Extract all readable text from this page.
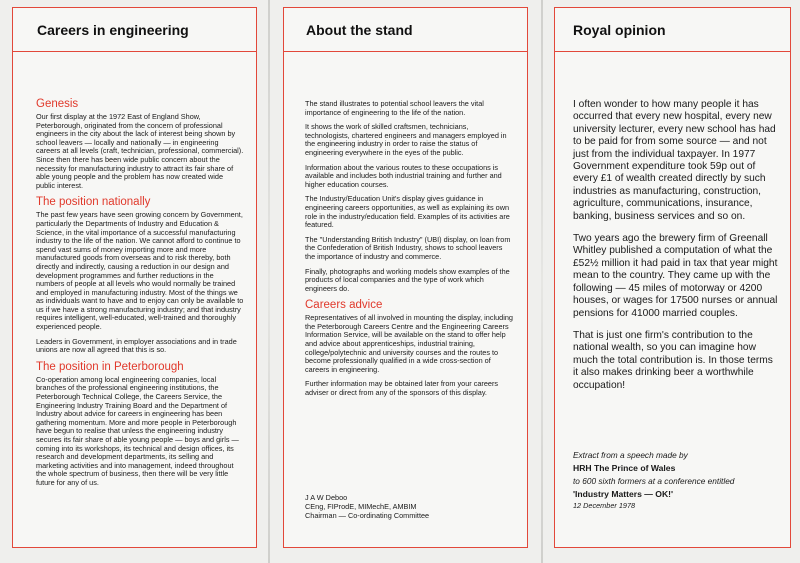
Careers in engineering
Genesis

Our first display at the 1972 East of England Show, Peterborough, originated from the concern of professional engineers in the city about the lack of interest being shown by school leavers — locally and nationally — in engineering careers at all levels (craft, technician, professional, commercial). Since then there has been wide public concern about the necessity for manufacturing industry to attract its fair share of able young people and the problem has now created wide public interest.

The position nationally

The past few years have seen growing concern by Government, particularly the Departments of Industry and Education & Science, in the vital importance of a successful manufacturing industry to the life of the nation. We cannot afford to continue to spend vast sums of money importing more and more manufactured goods from overseas and to risk thereby, both directly and indirectly, causing a reduction in our design and development programmes and further reductions in the numbers of people at all levels who would normally be trained and employed in manufacturing industry. Most of the things we as individuals want to have and to enjoy can only be available to us if we have a strong manufacturing industry; and that industry requires intelligent, well-educated, well-trained and thoroughly experienced people.

Leaders in Government, in employer associations and in trade unions are now all agreed that this is so.

The position in Peterborough

Co-operation among local engineering companies, local branches of the professional engineering institutions, the Peterborough Technical College, the Careers Service, the Engineering Industry Training Board and the Department of Industry about advice for careers in engineering has been gathering momentum. More and more people in Peterborough have begun to realise that unless the engineering industry secures its fair share of able young people — boys and girls — coming into its workshops, its technical and design offices, its research and development departments, its selling and marketing activities and into management, indeed throughout the whole spectrum of business, then there will be very little future for any of us.

About the stand

The stand illustrates to potential school leavers the vital importance of engineering to the life of the nation.

It shows the work of skilled craftsmen, technicians, technologists, chartered engineers and managers employed in the engineering industry in order to raise the status of engineering everywhere in the eyes of the public.

Information about the various routes to these occupations is available and includes both industrial training and further and higher education courses.

The Industry/Education Unit's display gives guidance in engineering careers opportunities, as well as explaining its own role in the industry/education field. Examples of its activities are featured.

The "Understanding British Industry" (UBI) display, on loan from the Confederation of British Industry, shows to school leavers the importance of industry and commerce.

Finally, photographs and working models show examples of the products of local companies and the type of work which engineers do.

Careers advice

Representatives of all involved in mounting the display, including the Peterborough Careers Centre and the Engineering Careers Information Service, will be available on the stand to offer help and advice about apprenticeships, industrial training, college/polytechnic and university courses and the routes to become professionally qualified in a wide cross-section of careers in engineering.

Further information may be obtained later from your careers adviser or direct from any of the sponsors of this display.

J A W Deboo
CEng, FIProdE, MIMechE, AMBIM
Chairman — Co-ordinating Committee
Royal opinion

I often wonder to how many people it has occurred that every new hospital, every new university lecturer, every new school has had to be paid for from some source — and not just from the individual taxpayer. In 1977 Government expenditure took 59p out of every £1 of wealth created directly by such industries as manufacturing, construction, agriculture, communications, insurance, banking, business services and so on.

Two years ago the brewery firm of Greenall Whitley published a computation of what the £52½ million it had paid in tax that year might mean to the country. They came up with the following — 45 miles of motorway or 4200 houses, or wages for 17500 nurses or annual pensions for 41000 married couples.

That is just one firm's contribution to the national wealth, so you can imagine how much the total contribution is. In those terms it also makes drinking beer a worthwhile occupation!

Extract from a speech made by

HRH The Prince of Wales

to 600 sixth formers at a conference entitled

'Industry Matters — OK!'

12 December 1978
